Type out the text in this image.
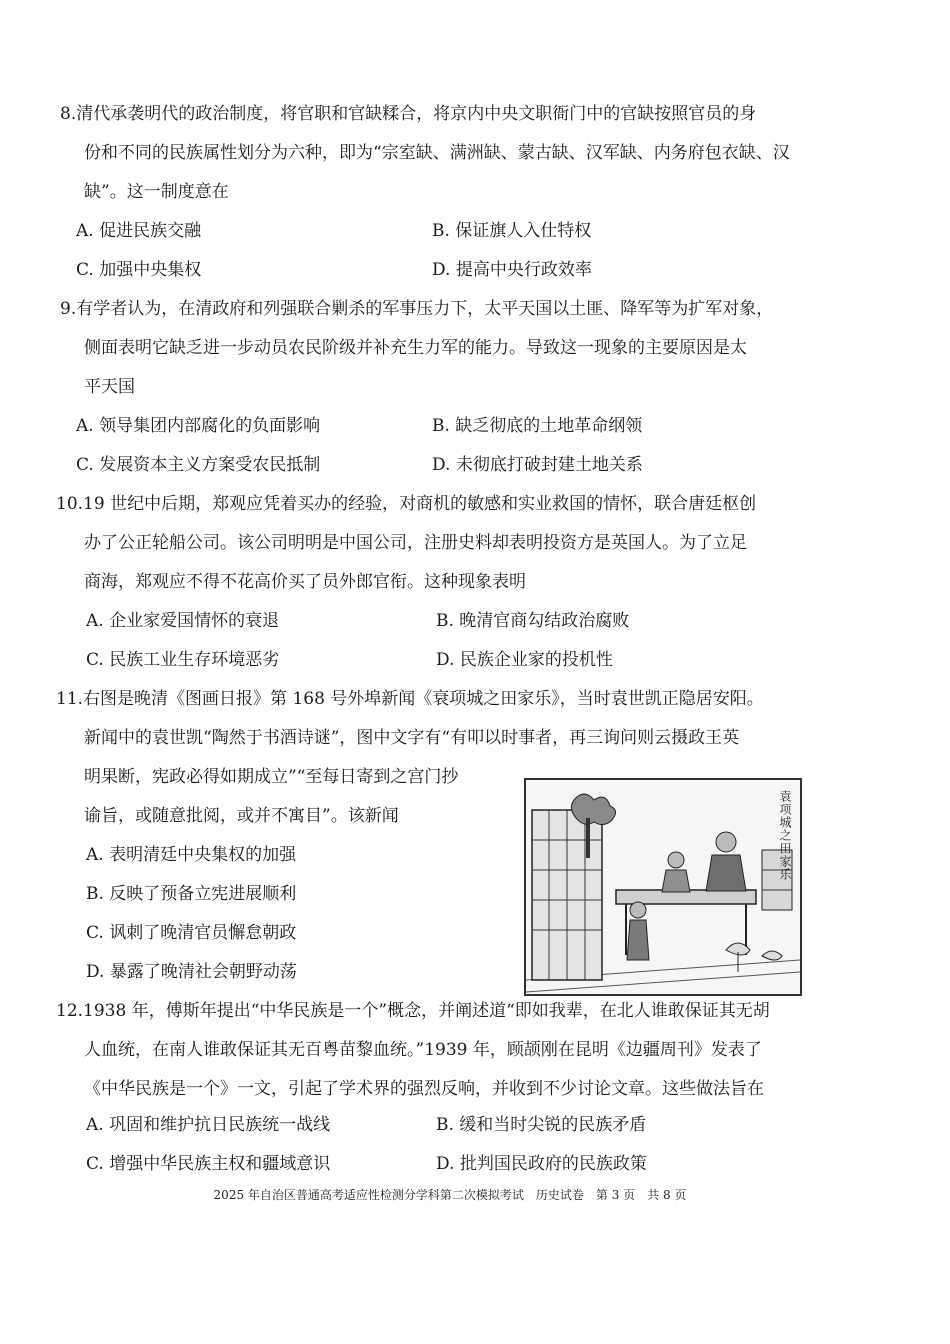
8.清代承袭明代的政治制度，将官职和官缺糅合，将京内中央文职衙门中的官缺按照官员的身
份和不同的民族属性划分为六种，即为“宗室缺、满洲缺、蒙古缺、汉军缺、内务府包衣缺、汉
缺”。这一制度意在
A. 促进民族交融	B. 保证旗人入仕特权
C. 加强中央集权	D. 提高中央行政效率
9.有学者认为，在清政府和列强联合剿杀的军事压力下，太平天国以土匪、降军等为扩军对象，
侧面表明它缺乏进一步动员农民阶级并补充生力军的能力。导致这一现象的主要原因是太
平天国
A. 领导集团内部腐化的负面影响	B. 缺乏彻底的土地革命纲领
C. 发展资本主义方案受农民抵制	D. 未彻底打破封建土地关系
10.19 世纪中后期，郑观应凭着买办的经验，对商机的敏感和实业救国的情怀，联合唐廷枢创
办了公正轮船公司。该公司明明是中国公司，注册史料却表明投资方是英国人。为了立足
商海，郑观应不得不花高价买了员外郎官衔。这种现象表明
A. 企业家爱国情怀的衰退	B. 晚清官商勾结政治腐败
C. 民族工业生存环境恶劣	D. 民族企业家的投机性
11.右图是晚清《图画日报》第 168 号外埠新闻《衰项城之田家乐》，当时袁世凯正隐居安阳。
新闻中的袁世凯“陶然于书酒诗谜”，图中文字有“有叩以时事者，再三询问则云摄政王英
明果断，宪政必得如期成立”“至每日寄到之宫门抄
谕旨，或随意批阅，或并不寓目”。该新闻
A. 表明清廷中央集权的加强
B. 反映了预备立宪进展顺利
C. 讽刺了晚清官员懈怠朝政
D. 暴露了晚清社会朝野动荡
袁项城之田家乐
12.1938 年，傅斯年提出“中华民族是一个”概念，并阐述道“即如我辈，在北人谁敢保证其无胡
人血统，在南人谁敢保证其无百粤苗黎血统。”1939 年，顾颉刚在昆明《边疆周刊》发表了
《中华民族是一个》一文，引起了学术界的强烈反响，并收到不少讨论文章。这些做法旨在
A. 巩固和维护抗日民族统一战线	B. 缓和当时尖锐的民族矛盾
C. 增强中华民族主权和疆域意识	D. 批判国民政府的民族政策
2025 年自治区普通高考适应性检测分学科第二次模拟考试　历史试卷　第 3 页　共 8 页
